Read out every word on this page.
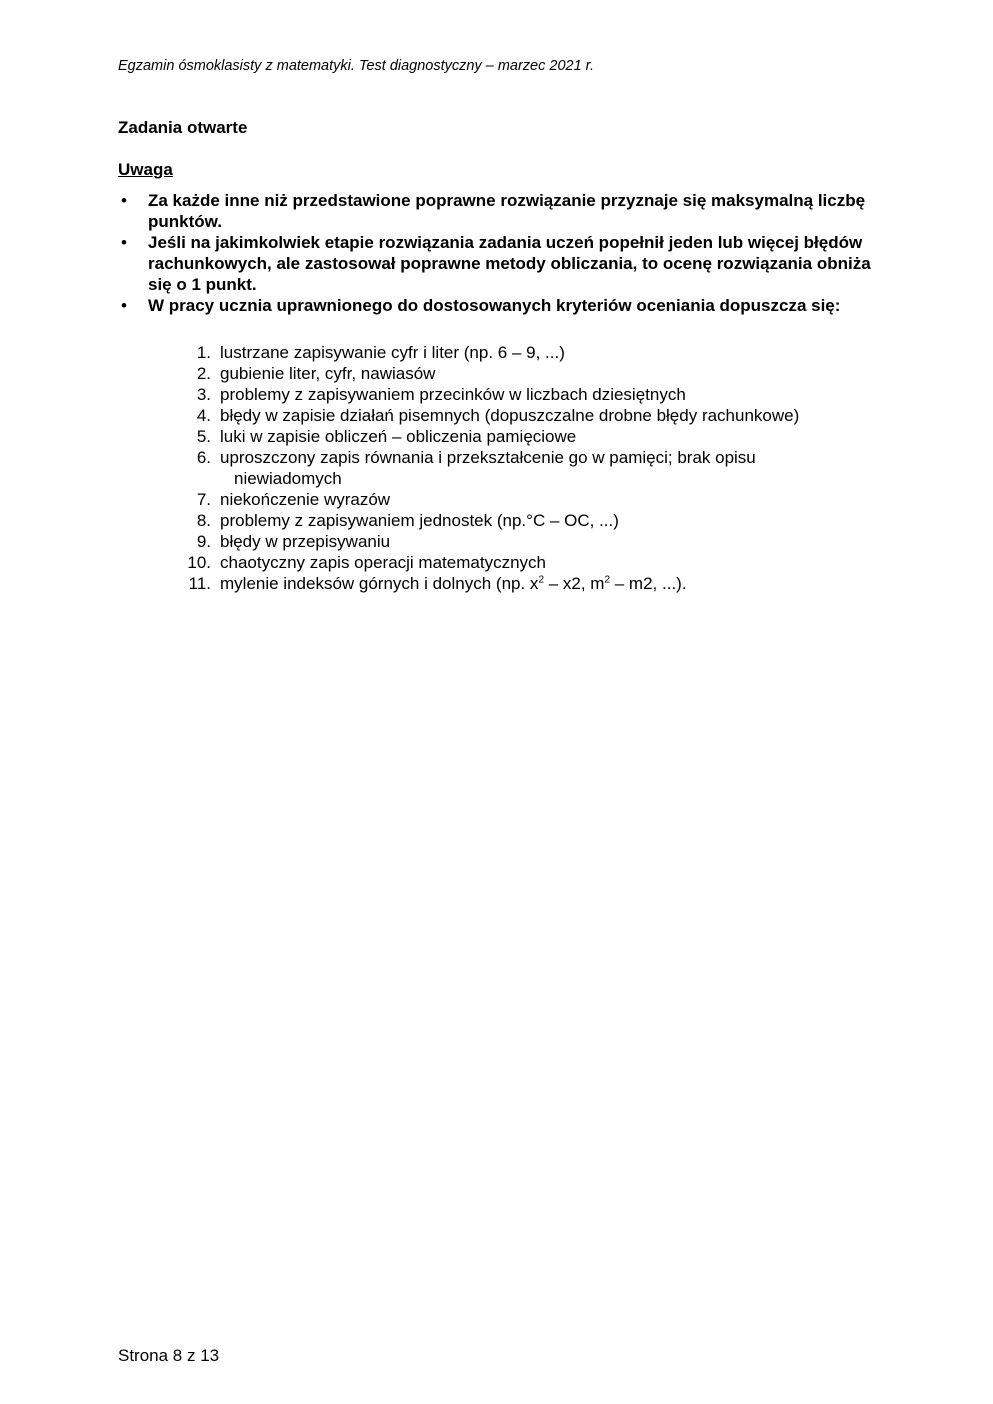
Egzamin ósmoklasisty z matematyki. Test diagnostyczny – marzec 2021 r.
Zadania otwarte
Uwaga
• Za każde inne niż przedstawione poprawne rozwiązanie przyznaje się maksymalną liczbę punktów.
• Jeśli na jakimkolwiek etapie rozwiązania zadania uczeń popełnił jeden lub więcej błędów rachunkowych, ale zastosował poprawne metody obliczania, to ocenę rozwiązania obniża się o 1 punkt.
• W pracy ucznia uprawnionego do dostosowanych kryteriów oceniania dopuszcza się:
1. lustrzane zapisywanie cyfr i liter (np. 6 – 9, ...)
2. gubienie liter, cyfr, nawiasów
3. problemy z zapisywaniem przecinków w liczbach dziesiętnych
4. błędy w zapisie działań pisemnych (dopuszczalne drobne błędy rachunkowe)
5. luki w zapisie obliczeń – obliczenia pamięciowe
6. uproszczony zapis równania i przekształcenie go w pamięci; brak opisu
niewiadomych
7. niekończenie wyrazów
8. problemy z zapisywaniem jednostek (np.°C – OC, ...)
9. błędy w przepisywaniu
10. chaotyczny zapis operacji matematycznych
11. mylenie indeksów górnych i dolnych (np. $x^2 - x2$, $m^2 - m2$, ...).
Strona 8 z 13
